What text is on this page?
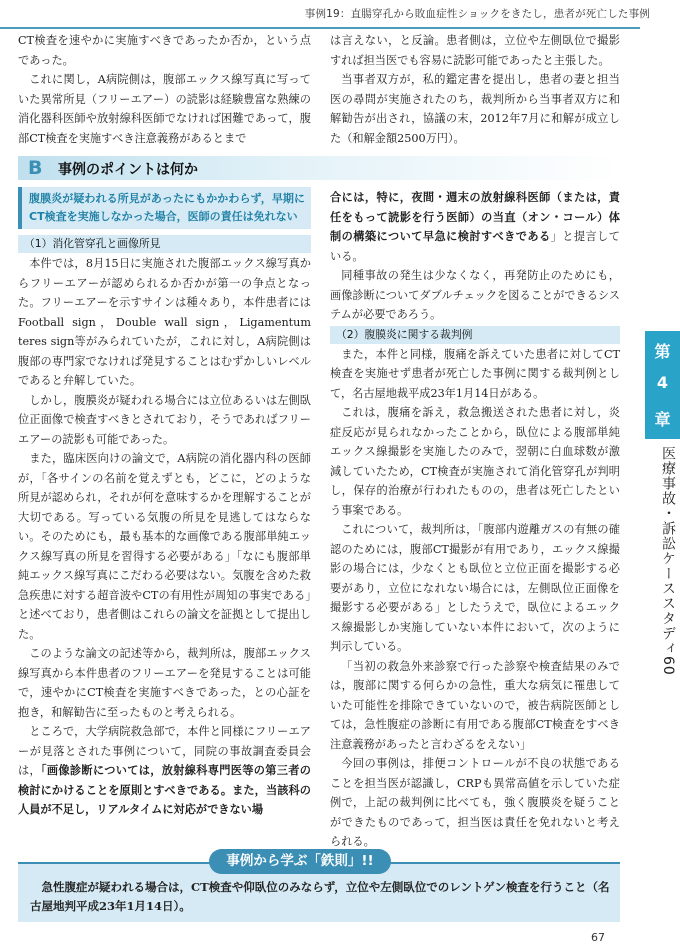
事例19：直腸穿孔から敗血症性ショックをきたし，患者が死亡した事例

CT検査を速やかに実施すべきであったか否か，という点であった。

これに関し，A病院側は，腹部エックス線写真に写っていた異常所見（フリーエアー）の読影は経験豊富な熟練の消化器科医師や放射線科医師でなければ困難であって，腹部CT検査を実施すべき注意義務があるとまで

は言えない，と反論。患者側は，立位や左側臥位で撮影すれば担当医でも容易に読影可能であったと主張した。

当事者双方が，私的鑑定書を提出し，患者の妻と担当医の尋問が実施されたのち，裁判所から当事者双方に和解勧告が出され，協議の末，2012年7月に和解が成立した（和解金額2500万円）。

B 事例のポイントは何か
腹膜炎が疑われる所見があったにもかかわらず，早期にCT検査を実施しなかった場合，医師の責任は免れない
（1）消化管穿孔と画像所見

本件では，8月15日に実施された腹部エックス線写真からフリーエアーが認められるか否かが第一の争点となった。フリーエアーを示すサインは種々あり，本件患者にはFootball sign，Double wall sign，Ligamentum teres sign等がみられていたが，これに対し，A病院側は腹部の専門家でなければ発見することはむずかしいレベルであると弁解していた。

しかし，腹膜炎が疑われる場合には立位あるいは左側臥位正面像で検査すべきとされており，そうであればフリーエアーの読影も可能であった。

また，臨床医向けの論文で，A病院の消化器内科の医師が，「各サインの名前を覚えずとも，どこに，どのような所見が認められ，それが何を意味するかを理解することが大切である。写っている気腹の所見を見逃してはならない。そのためにも，最も基本的な画像である腹部単純エックス線写真の所見を習得する必要がある」「なにも腹部単純エックス線写真にこだわる必要はない。気腹を含めた救急疾患に対する超音波やCTの有用性が周知の事実である」と述べており，患者側はこれらの論文を証拠として提出した。

このような論文の記述等から，裁判所は，腹部エックス線写真から本件患者のフリーエアーを発見することは可能で，速やかにCT検査を実施すべきであった，との心証を抱き，和解勧告に至ったものと考えられる。

ところで，大学病院救急部で，本件と同様にフリーエアーが見落とされた事例について，同院の事故調査委員会は，「画像診断については，放射線科専門医等の第三者の検討にかけることを原則とすべきである。また，当該科の人員が不足し，リアルタイムに対応ができない場

合には，特に，夜間・週末の放射線科医師（または，責任をもって読影を行う医師）の当直（オン・コール）体制の構築について早急に検討すべきである」と提言している。

同種事故の発生は少なくなく，再発防止のためにも，画像診断についてダブルチェックを図ることができるシステムが必要であろう。

（2）腹膜炎に関する裁判例

また，本件と同様，腹痛を訴えていた患者に対してCT検査を実施せず患者が死亡した事例に関する裁判例として，名古屋地裁平成23年1月14日がある。

これは，腹痛を訴え，救急搬送された患者に対し，炎症反応が見られなかったことから，臥位による腹部単純エックス線撮影を実施したのみで，翌朝に白血球数が激減していたため，CT検査が実施されて消化管穿孔が判明し，保存的治療が行われたものの，患者は死亡したという事案である。

これについて，裁判所は，「腹部内遊離ガスの有無の確認のためには，腹部CT撮影が有用であり，エックス線撮影の場合には，少なくとも臥位と立位正面を撮影する必要があり，立位になれない場合には，左側臥位正面像を撮影する必要がある」としたうえで，臥位によるエックス線撮影しか実施していない本件において，次のように判示している。

「当初の救急外来診察で行った診察や検査結果のみでは，腹部に関する何らかの急性，重大な病気に罹患していた可能性を排除できていないので，被告病院医師としては，急性腹症の診断に有用である腹部CT検査をすべき注意義務があったと言わざるをえない」

今回の事例は，排便コントロールが不良の状態であることを担当医が認識し，CRPも異常高値を示していた症例で，上記の裁判例に比べても，強く腹膜炎を疑うことができたものであって，担当医は責任を免れないと考えられる。

第
4
章
医療事故・訴訟ケーススタディ60
事例から学ぶ「鉄則」!!
急性腹症が疑われる場合は，CT検査や仰臥位のみならず，立位や左側臥位でのレントゲン検査を行うこと（名古屋地判平成23年1月14日）。
67
